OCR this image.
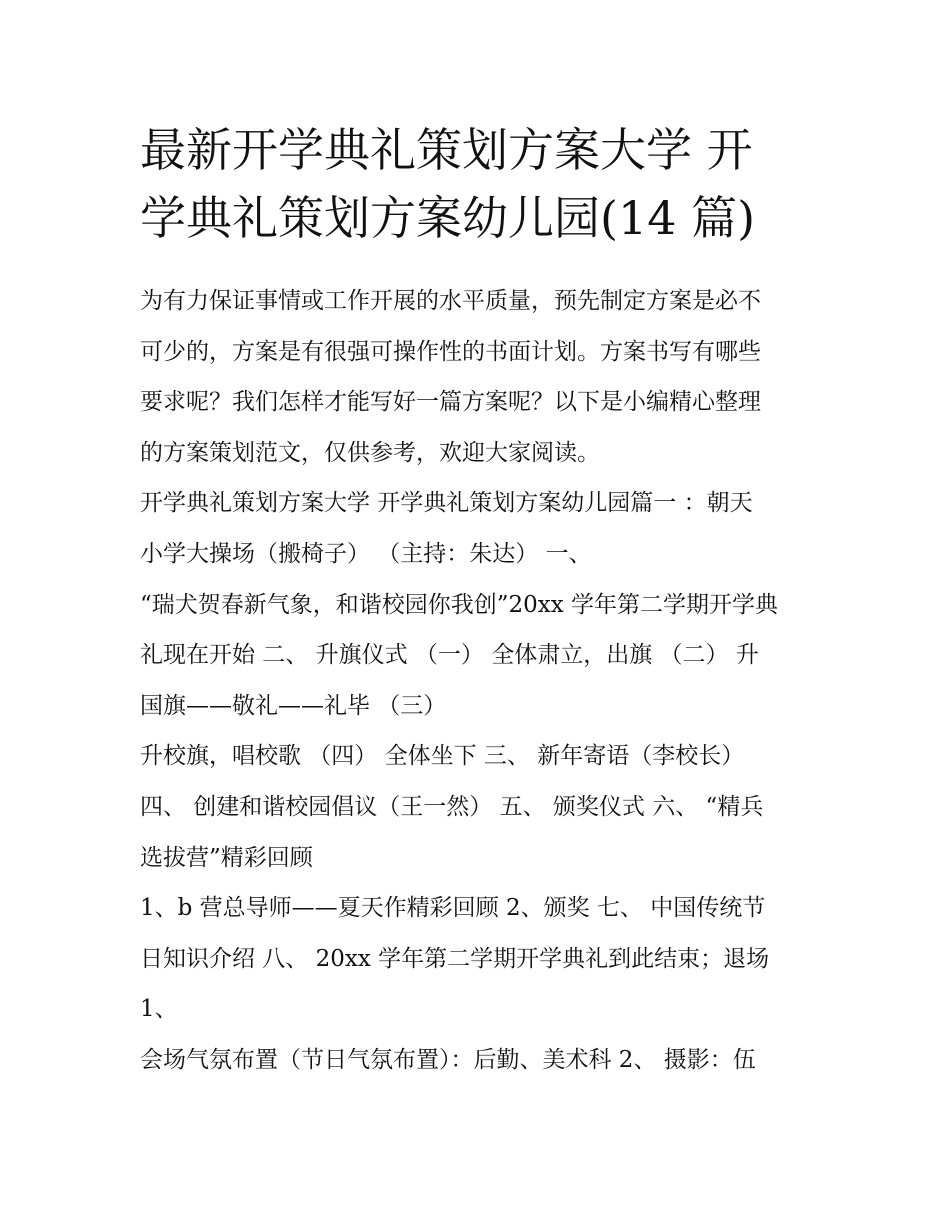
最新开学典礼策划方案大学 开
学典礼策划方案幼儿园(14 篇)
为有力保证事情或工作开展的水平质量，预先制定方案是必不
可少的，方案是有很强可操作性的书面计划。方案书写有哪些
要求呢？我们怎样才能写好一篇方案呢？以下是小编精心整理
的方案策划范文，仅供参考，欢迎大家阅读。
开学典礼策划方案大学 开学典礼策划方案幼儿园篇一 ：朝天
小学大操场（搬椅子） （主持：朱达） 一、
“瑞犬贺春新气象，和谐校园你我创”20xx 学年第二学期开学典
礼现在开始 二、 升旗仪式 （一） 全体肃立，出旗 （二） 升
国旗——敬礼——礼毕 （三）
升校旗，唱校歌 （四） 全体坐下 三、 新年寄语（李校长）
四、 创建和谐校园倡议（王一然） 五、 颁奖仪式 六、 “精兵
选拔营”精彩回顾
1、b 营总导师——夏天作精彩回顾 2、颁奖 七、 中国传统节
日知识介绍 八、 20xx 学年第二学期开学典礼到此结束；退场
1、
会场气氛布置（节日气氛布置）：后勤、美术科 2、 摄影：伍
